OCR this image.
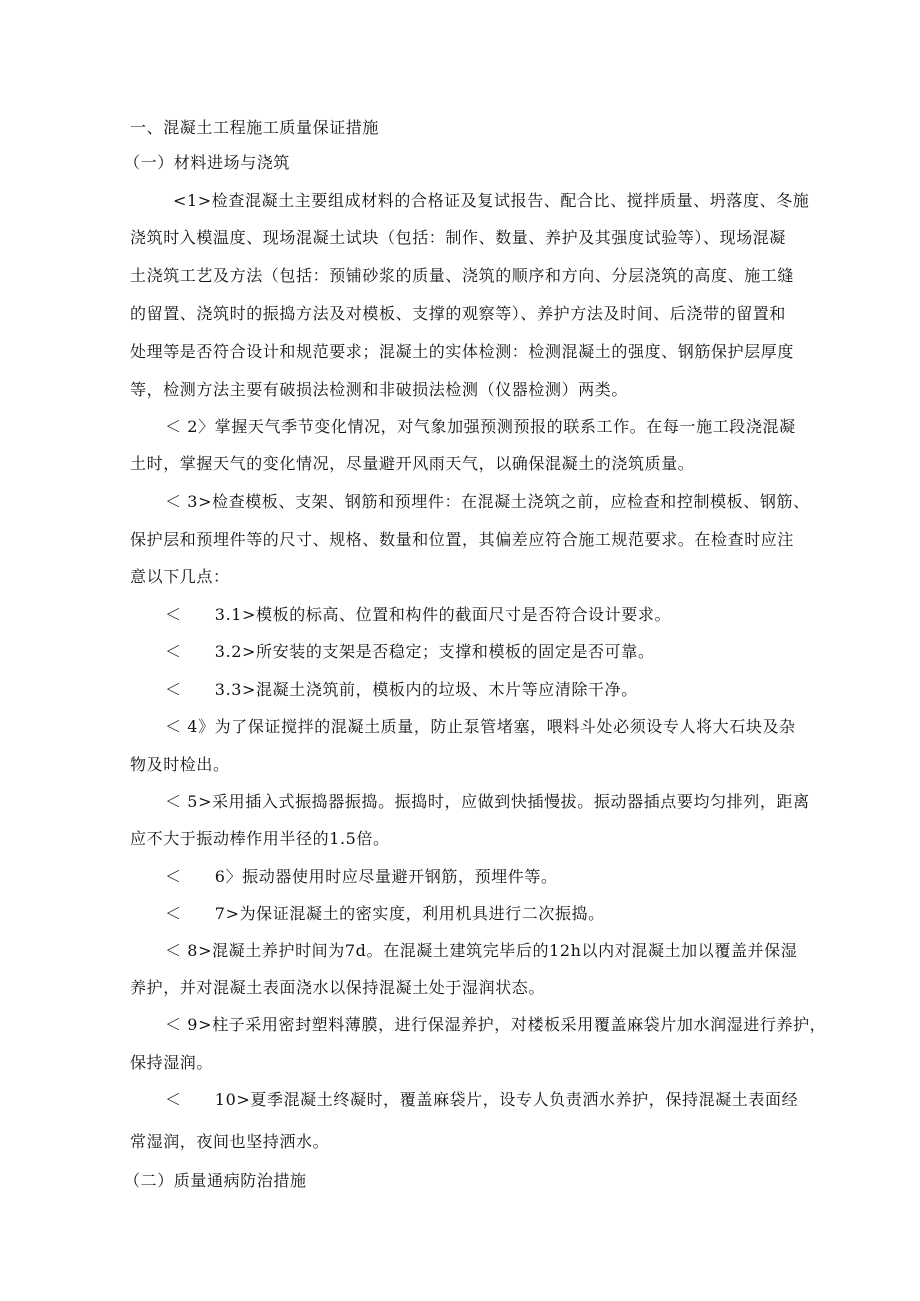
一、混凝土工程施工质量保证措施

（一）材料进场与浇筑

<1>检查混凝土主要组成材料的合格证及复试报告、配合比、搅拌质量、坍落度、冬施

浇筑时入模温度、现场混凝土试块（包括：制作、数量、养护及其强度试验等）、现场混凝

土浇筑工艺及方法（包括：预铺砂浆的质量、浇筑的顺序和方向、分层浇筑的高度、施工缝

的留置、浇筑时的振捣方法及对模板、支撑的观察等）、养护方法及时间、后浇带的留置和

处理等是否符合设计和规范要求；混凝土的实体检测：检测混凝土的强度、钢筋保护层厚度

等，检测方法主要有破损法检测和非破损法检测（仪器检测）两类。

＜ 2〉掌握天气季节变化情况，对气象加强预测预报的联系工作。在每一施工段浇混凝

土时，掌握天气的变化情况，尽量避开风雨天气，以确保混凝土的浇筑质量。

＜ 3>检查模板、支架、钢筋和预埋件：在混凝土浇筑之前，应检查和控制模板、钢筋、

保护层和预埋件等的尺寸、规格、数量和位置，其偏差应符合施工规范要求。在检查时应注

意以下几点：

＜　　3.1>模板的标高、位置和构件的截面尺寸是否符合设计要求。

＜　　3.2>所安装的支架是否稳定；支撑和模板的固定是否可靠。

＜　　3.3>混凝土浇筑前，模板内的垃圾、木片等应清除干净。

＜ 4》为了保证搅拌的混凝土质量，防止泵管堵塞，喂料斗处必须设专人将大石块及杂

物及时检出。

＜ 5>采用插入式振捣器振捣。振捣时，应做到快插慢拔。振动器插点要均匀排列，距离

应不大于振动棒作用半径的1.5倍。

＜　　6〉振动器使用时应尽量避开钢筋，预埋件等。

＜　　7>为保证混凝土的密实度，利用机具进行二次振捣。

＜ 8>混凝土养护时间为7d。在混凝土建筑完毕后的12h以内对混凝土加以覆盖并保湿

养护，并对混凝土表面浇水以保持混凝土处于湿润状态。

＜ 9>柱子采用密封塑料薄膜，进行保湿养护，对楼板采用覆盖麻袋片加水润湿进行养护，

保持湿润。

＜　　10>夏季混凝土终凝时，覆盖麻袋片，设专人负责洒水养护，保持混凝土表面经

常湿润，夜间也坚持洒水。

（二）质量通病防治措施
